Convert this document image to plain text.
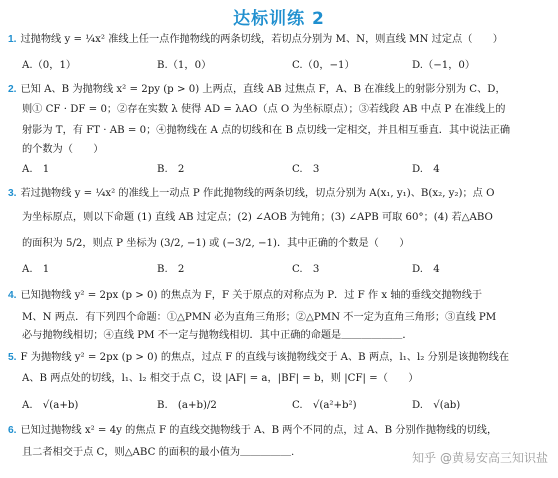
达标训练 2
1. 过抛物线 y = ¼x² 准线上任一点作抛物线的两条切线，若切点分别为 M、N，则直线 MN 过定点（　　）
A.（0，1）	B.（1，0）	C.（0，−1）	D.（−1，0）
2. 已知 A、B 为抛物线 x² = 2py (p > 0) 上两点，直线 AB 过焦点 F，A、B 在准线上的射影分别为 C、D，
则① CF · DF = 0；②存在实数 λ 使得 AD = λAO（点 O 为坐标原点）；③若线段 AB 中点 P 在准线上的
射影为 T，有 FT · AB = 0；④抛物线在 A 点的切线和在 B 点切线一定相交，并且相互垂直．其中说法正确
的个数为（　　）
A.　1	B.　2	C.　3	D.　4
3. 若过抛物线 y = ¼x² 的准线上一动点 P 作此抛物线的两条切线，切点分别为 A(x₁, y₁)、B(x₂, y₂)；点 O
为坐标原点，则以下命题 (1) 直线 AB 过定点；(2) ∠AOB 为钝角；(3) ∠APB 可取 60°；(4) 若△ABO
的面积为 5/2，则点 P 坐标为 (3/2, −1) 或 (−3/2, −1)．其中正确的个数是（　　）
A.　1	B.　2	C.　3	D.　4
4. 已知抛物线 y² = 2px (p > 0) 的焦点为 F，F 关于原点的对称点为 P．过 F 作 x 轴的垂线交抛物线于
M、N 两点．有下列四个命题：①△PMN 必为直角三角形；②△PMN 不一定为直角三角形；③直线 PM
必与抛物线相切；④直线 PM 不一定与抛物线相切．其中正确的命题是＿＿＿＿＿＿．
5. F 为抛物线 y² = 2px (p > 0) 的焦点，过点 F 的直线与该抛物线交于 A、B 两点，l₁、l₂ 分别是该抛物线在
A、B 两点处的切线，l₁、l₂ 相交于点 C，设 |AF| = a，|BF| = b，则 |CF| =（　　）
A.　√(a+b)	B.　(a+b)/2	C.　√(a²+b²)	D.　√(ab)
6. 已知过抛物线 x² = 4y 的焦点 F 的直线交抛物线于 A、B 两个不同的点，过 A、B 分别作抛物线的切线，
且二者相交于点 C，则△ABC 的面积的最小值为＿＿＿＿＿.	知乎 @黄易安高三知识盐
